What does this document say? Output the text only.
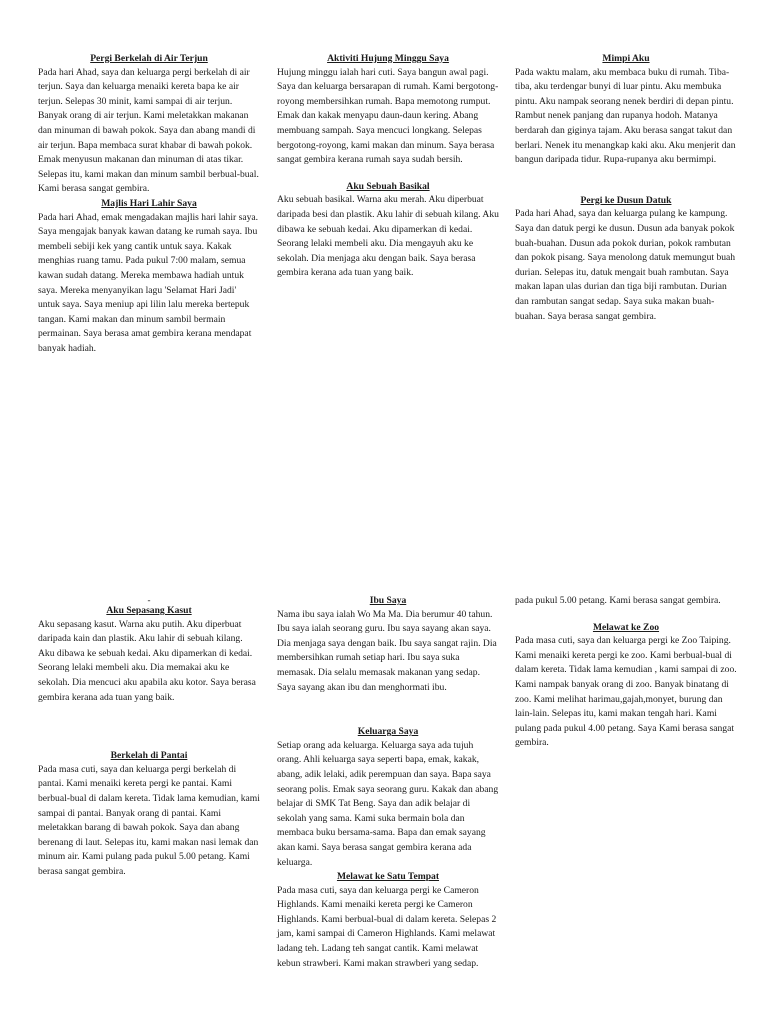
Pergi Berkelah di Air Terjun

Pada hari Ahad, saya dan keluarga pergi berkelah di air terjun. Saya dan keluarga menaiki kereta bapa ke air terjun. Selepas 30 minit, kami sampai di air terjun. Banyak orang di air terjun. Kami meletakkan makanan dan minuman di bawah pokok. Saya dan abang mandi di air terjun. Bapa membaca surat khabar di bawah pokok. Emak menyusun makanan dan minuman di atas tikar. Selepas itu, kami makan dan minum sambil berbual-bual. Kami berasa sangat gembira.

Majlis Hari Lahir Saya

Pada hari Ahad, emak mengadakan majlis hari lahir saya. Saya mengajak banyak kawan datang ke rumah saya. Ibu membeli sebiji kek yang cantik untuk saya. Kakak menghias ruang tamu. Pada pukul 7:00 malam, semua kawan sudah datang. Mereka membawa hadiah untuk saya. Mereka menyanyikan lagu 'Selamat Hari Jadi' untuk saya. Saya meniup api lilin lalu mereka bertepuk tangan. Kami makan dan minum sambil bermain permainan. Saya berasa amat gembira kerana mendapat banyak hadiah.

Aktiviti Hujung Minggu Saya

Hujung minggu ialah hari cuti. Saya bangun awal pagi. Saya dan keluarga bersarapan di rumah. Kami bergotong-royong membersihkan rumah. Bapa memotong rumput. Emak dan kakak menyapu daun-daun kering. Abang membuang sampah. Saya mencuci longkang. Selepas bergotong-royong, kami makan dan minum. Saya berasa sangat gembira kerana rumah saya sudah bersih.

Aku Sebuah Basikal

Aku sebuah basikal. Warna aku merah. Aku diperbuat daripada besi dan plastik. Aku lahir di sebuah kilang. Aku dibawa ke sebuah kedai. Aku dipamerkan di kedai. Seorang lelaki membeli aku. Dia mengayuh aku ke sekolah. Dia menjaga aku dengan baik. Saya berasa gembira kerana ada tuan yang baik.

Mimpi Aku

Pada waktu malam, aku membaca buku di rumah. Tiba-tiba, aku terdengar bunyi di luar pintu. Aku membuka pintu. Aku nampak seorang nenek berdiri di depan pintu. Rambut nenek panjang dan rupanya hodoh. Matanya berdarah dan giginya tajam. Aku berasa sangat takut dan berlari. Nenek itu menangkap kaki aku. Aku menjerit dan bangun daripada tidur. Rupa-rupanya aku bermimpi.

Pergi ke Dusun Datuk

Pada hari Ahad, saya dan keluarga pulang ke kampung. Saya dan datuk pergi ke dusun. Dusun ada banyak pokok buah-buahan. Dusun ada pokok durian, pokok rambutan dan pokok pisang. Saya menolong datuk memungut buah durian. Selepas itu, datuk mengait buah rambutan. Saya makan lapan ulas durian dan tiga biji rambutan. Durian dan rambutan sangat sedap. Saya suka makan buah-buahan. Saya berasa sangat gembira.

-
Aku Sepasang Kasut

Aku sepasang kasut. Warna aku putih. Aku diperbuat daripada kain dan plastik. Aku lahir di sebuah kilang. Aku dibawa ke sebuah kedai. Aku dipamerkan di kedai. Seorang lelaki membeli aku. Dia memakai aku ke sekolah. Dia mencuci aku apabila aku kotor. Saya berasa gembira kerana ada tuan yang baik.

Berkelah di Pantai

Pada masa cuti, saya dan keluarga pergi berkelah di pantai. Kami menaiki kereta pergi ke pantai. Kami berbual-bual di dalam kereta. Tidak lama kemudian, kami sampai di pantai. Banyak orang di pantai. Kami meletakkan barang di bawah pokok. Saya dan abang berenang di laut. Selepas itu, kami makan nasi lemak dan minum air. Kami pulang pada pukul 5.00 petang. Kami berasa sangat gembira.

Ibu Saya

Nama ibu saya ialah Wo Ma Ma. Dia berumur 40 tahun. Ibu saya ialah seorang guru. Ibu saya sayang akan saya. Dia menjaga saya dengan baik. Ibu saya sangat rajin. Dia membersihkan rumah setiap hari. Ibu saya suka memasak. Dia selalu memasak makanan yang sedap. Saya sayang akan ibu dan menghormati ibu.

Keluarga Saya

Setiap orang ada keluarga. Keluarga saya ada tujuh orang. Ahli keluarga saya seperti bapa, emak, kakak, abang, adik lelaki, adik perempuan dan saya. Bapa saya seorang polis. Emak saya seorang guru. Kakak dan abang belajar di SMK Tat Beng. Saya dan adik belajar di sekolah yang sama. Kami suka bermain bola dan membaca buku bersama-sama. Bapa dan emak sayang akan kami. Saya berasa sangat gembira kerana ada keluarga.

Melawat ke Satu Tempat

Pada masa cuti, saya dan keluarga pergi ke Cameron Highlands. Kami menaiki kereta pergi ke Cameron Highlands. Kami berbual-bual di dalam kereta. Selepas 2 jam, kami sampai di Cameron Highlands. Kami melawat ladang teh. Ladang teh sangat cantik. Kami melawat kebun strawberi. Kami makan strawberi yang sedap.

pada pukul 5.00 petang. Kami berasa sangat gembira.

Melawat ke Zoo

Pada masa cuti, saya dan keluarga pergi ke Zoo Taiping. Kami menaiki kereta pergi ke zoo. Kami berbual-bual di dalam kereta. Tidak lama kemudian , kami sampai di zoo. Kami nampak banyak orang di zoo. Banyak binatang di zoo. Kami melihat harimau,gajah,monyet, burung dan lain-lain. Selepas itu, kami makan tengah hari. Kami pulang pada pukul 4.00 petang. Saya Kami berasa sangat gembira.
